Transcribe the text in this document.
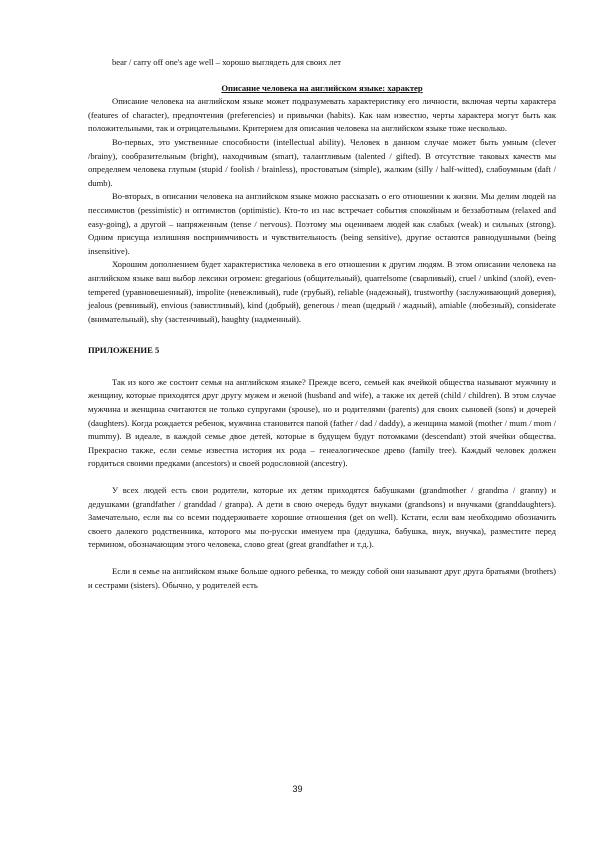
bear / carry off one's age well – хорошо выглядеть для своих лет

Описание человека на английском языке: характер

Описание человека на английском языке может подразумевать характеристику его личности, включая черты характера (features of character), предпочтения (preferencies) и привычки (habits). Как нам известно, черты характера могут быть как положительными, так и отрицательными. Критерием для описания человека на английском языке тоже несколько.

Во-первых, это умственные способности (intellectual ability). Человек в данном случае может быть умным (clever /brainy), сообразительным (bright), находчивым (smart), талантливым (talented / gifted). В отсутствие таковых качеств мы определяем человека глупым (stupid / foolish / brainless), простоватым (simple), жалким (silly / half-witted), слабоумным (daft / dumb).

Во-вторых, в описании человека на английском языке можно рассказать о его отношении к жизни. Мы делим людей на пессимистов (pessimistic) и оптимистов (optimistic). Кто-то из нас встречает события спокойным и беззаботным (relaxed and easy-going), а другой – напряженным (tense / nervous). Поэтому мы оцениваем людей как слабых (weak) и сильных (strong). Одним присуща излишняя восприимчивость и чувствительность (being sensitive), другие остаются равнодушными (being insensitive).

Хорошим дополнением будет характеристика человека в его отношении к другим людям. В этом описании человека на английском языке ваш выбор лексики огромен: gregarious (общительный), quarrelsome (сварливый), cruel / unkind (злой), even-tempered (уравновешенный), impolite (невежливый), rude (грубый), reliable (надежный), trustworthy (заслуживающий доверия), jealous (ревнивый), envious (завистливый), kind (добрый), generous / mean (щедрый / жадный), amiable (любезный), considerate (внимательный), shy (застенчивый), haughty (надменный).

ПРИЛОЖЕНИЕ 5

Так из кого же состоит семья на английском языке? Прежде всего, семьей как ячейкой общества называют мужчину и женщину, которые приходятся друг другу мужем и женой (husband and wife), а также их детей (child / children). В этом случае мужчина и женщина считаются не только супругами (spouse), но и родителями (parents) для своих сыновей (sons) и дочерей (daughters). Когда рождается ребенок, мужчина становится папой (father / dad / daddy), а женщина мамой (mother / mum / mom / mummy). В идеале, в каждой семье двое детей, которые в будущем будут потомками (descendant) этой ячейки общества. Прекрасно также, если семье известна история их рода – генеалогическое древо (family tree). Каждый человек должен гордиться своими предками (ancestors) и своей родословной (ancestry).

У всех людей есть свои родители, которые их детям приходятся бабушками (grandmother / grandma / granny) и дедушками (grandfather / granddad / granpa). А дети в свою очередь будут внуками (grandsons) и внучками (granddaughters). Замечательно, если вы со всеми поддерживаете хорошие отношения (get on well). Кстати, если вам необходимо обозначить своего далекого родственника, которого мы по-русски именуем пра (дедушка, бабушка, внук, внучка), разместите перед термином, обозначающим этого человека, слово great (great grandfather и т.д.).

Если в семье на английском языке больше одного ребенка, то между собой они называют друг друга братьями (brothers) и сестрами (sisters). Обычно, у родителей есть

39
